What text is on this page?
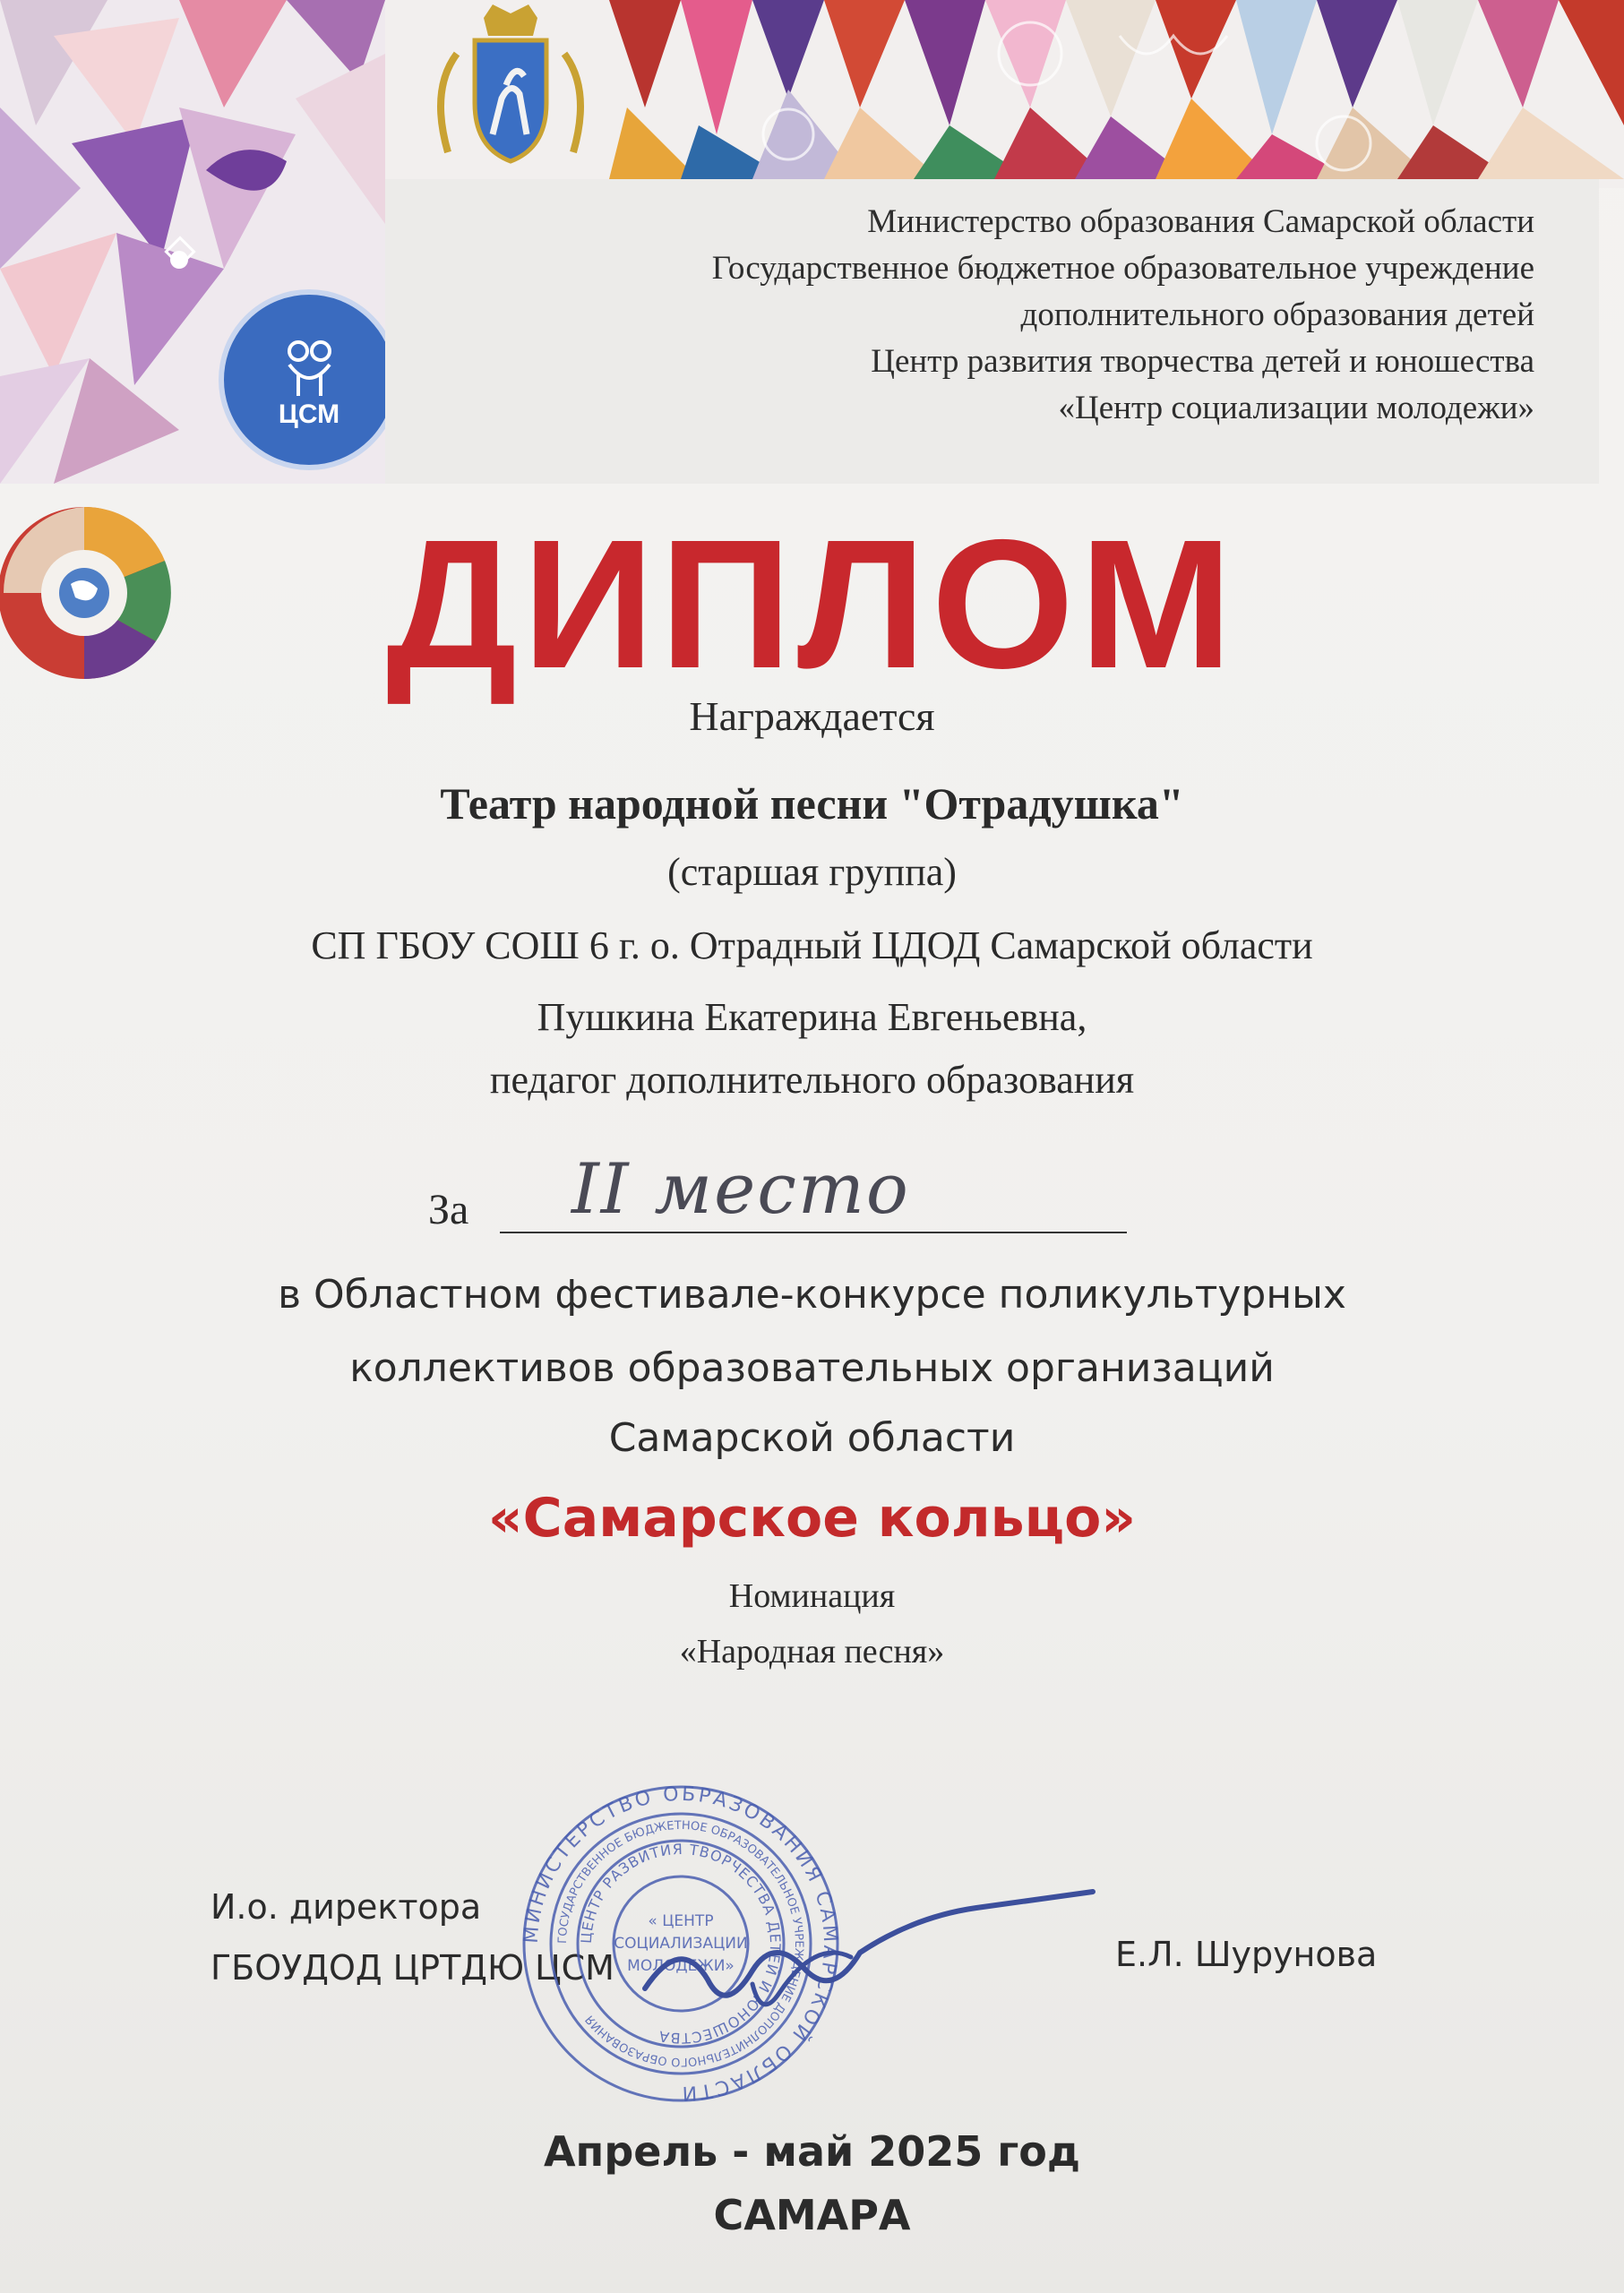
ЦСМ
Министерство образования Самарской области
Государственное бюджетное образовательное учреждение
дополнительного образования детей
Центр развития творчества детей и юношества
«Центр социализации молодежи»
ДИПЛОМ
Награждается
Театр народной песни "Отрадушка"
(старшая группа)
СП ГБОУ СОШ 6 г. о. Отрадный ЦДОД Самарской области
Пушкина Екатерина Евгеньевна,
педагог дополнительного образования
За II место
в Областном фестивале-конкурсе поликультурных
коллективов образовательных организаций
Самарской области
«Самарское кольцо»
Номинация
«Народная песня»
И.о. директора
ГБОУДОД ЦРТДЮ ЦСМ	Е.Л. Шурунова
МИНИСТЕРСТВО ОБРАЗОВАНИЯ САМАРСКОЙ ОБЛАСТИ
ГОСУДАРСТВЕННОЕ БЮДЖЕТНОЕ ОБРАЗОВАТЕЛЬНОЕ УЧРЕЖДЕНИЕ ДОПОЛНИТЕЛЬНОГО ОБРАЗОВАНИЯ
ЦЕНТР РАЗВИТИЯ ТВОРЧЕСТВА ДЕТЕЙ И ЮНОШЕСТВА
« ЦЕНТР
СОЦИАЛИЗАЦИИ
МОЛОДЕЖИ»
Апрель - май 2025 год
САМАРА
